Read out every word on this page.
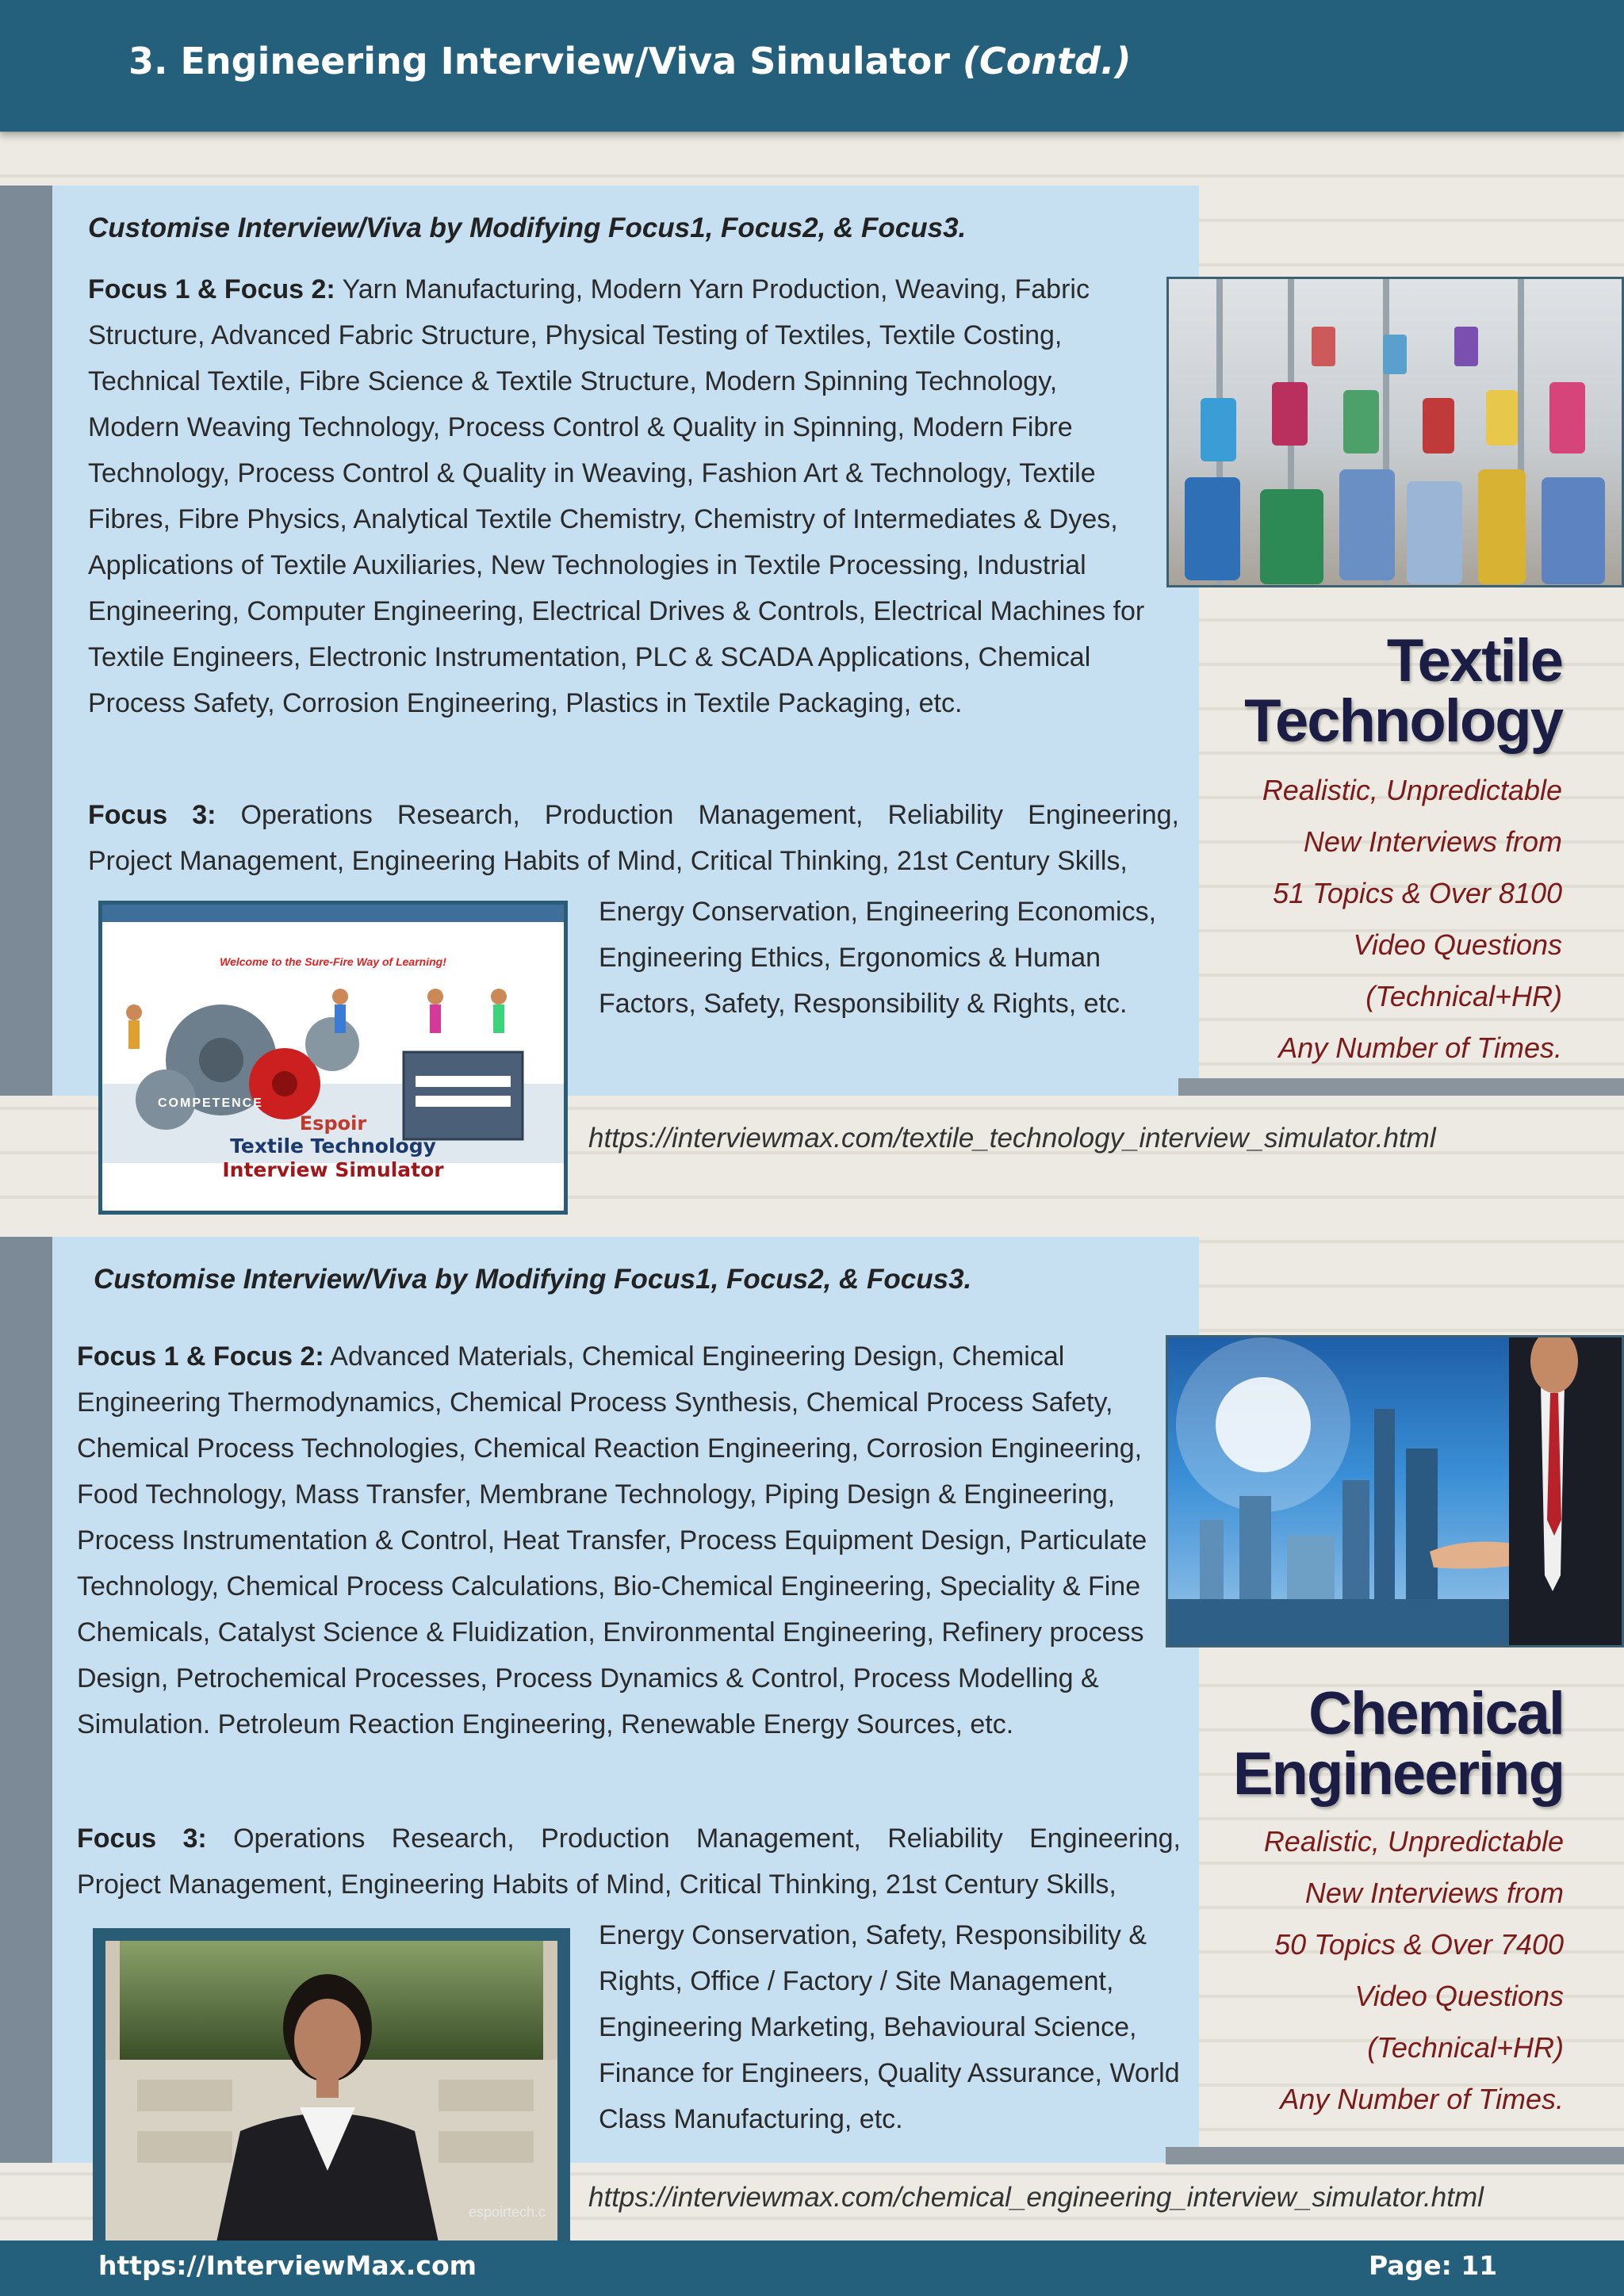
3. Engineering Interview/Viva Simulator (Contd.)
Customise Interview/Viva by Modifying Focus1, Focus2, & Focus3.

Focus 1 & Focus 2: Yarn Manufacturing, Modern Yarn Production, Weaving, Fabric Structure, Advanced Fabric Structure, Physical Testing of Textiles, Textile Costing, Technical Textile, Fibre Science & Textile Structure, Modern Spinning Technology, Modern Weaving Technology, Process Control & Quality in Spinning, Modern Fibre Technology, Process Control & Quality in Weaving, Fashion Art & Technology, Textile Fibres, Fibre Physics, Analytical Textile Chemistry, Chemistry of Intermediates & Dyes, Applications of Textile Auxiliaries, New Technologies in Textile Processing, Industrial Engineering, Computer Engineering, Electrical Drives & Controls, Electrical Machines for Textile Engineers, Electronic Instrumentation, PLC & SCADA Applications, Chemical Process Safety, Corrosion Engineering, Plastics in Textile Packaging, etc.

Focus 3: Operations Research, Production Management, Reliability Engineering,

Project Management, Engineering Habits of Mind, Critical Thinking, 21st Century Skills,

Energy Conservation, Engineering Economics, Engineering Ethics, Ergonomics & Human Factors, Safety, Responsibility & Rights, etc.

Welcome to the Sure-Fire Way of Learning!
COMPETENCE
Espoir
Textile Technology
Interview Simulator
Textile
Technology
Realistic, Unpredictable
New Interviews from
51 Topics & Over 8100
Video Questions
(Technical+HR)
Any Number of Times.
https://interviewmax.com/textile_technology_interview_simulator.html
Customise Interview/Viva by Modifying Focus1, Focus2, & Focus3.

Focus 1 & Focus 2: Advanced Materials, Chemical Engineering Design, Chemical Engineering Thermodynamics, Chemical Process Synthesis, Chemical Process Safety, Chemical Process Technologies, Chemical Reaction Engineering, Corrosion Engineering, Food Technology, Mass Transfer, Membrane Technology, Piping Design & Engineering, Process Instrumentation & Control, Heat Transfer, Process Equipment Design, Particulate Technology, Chemical Process Calculations, Bio-Chemical Engineering, Speciality & Fine Chemicals, Catalyst Science & Fluidization, Environmental Engineering, Refinery process Design, Petrochemical Processes, Process Dynamics & Control, Process Modelling & Simulation. Petroleum Reaction Engineering, Renewable Energy Sources, etc.

Focus 3: Operations Research, Production Management, Reliability Engineering,

Project Management, Engineering Habits of Mind, Critical Thinking, 21st Century Skills,

Energy Conservation, Safety, Responsibility & Rights, Office / Factory / Site Management, Engineering Marketing, Behavioural Science, Finance for Engineers, Quality Assurance, World Class Manufacturing, etc.

espoirtech.c
Chemical
Engineering
Realistic, Unpredictable
New Interviews from
50 Topics & Over 7400
Video Questions
(Technical+HR)
Any Number of Times.
https://interviewmax.com/chemical_engineering_interview_simulator.html
https://InterviewMax.com	Page: 11
